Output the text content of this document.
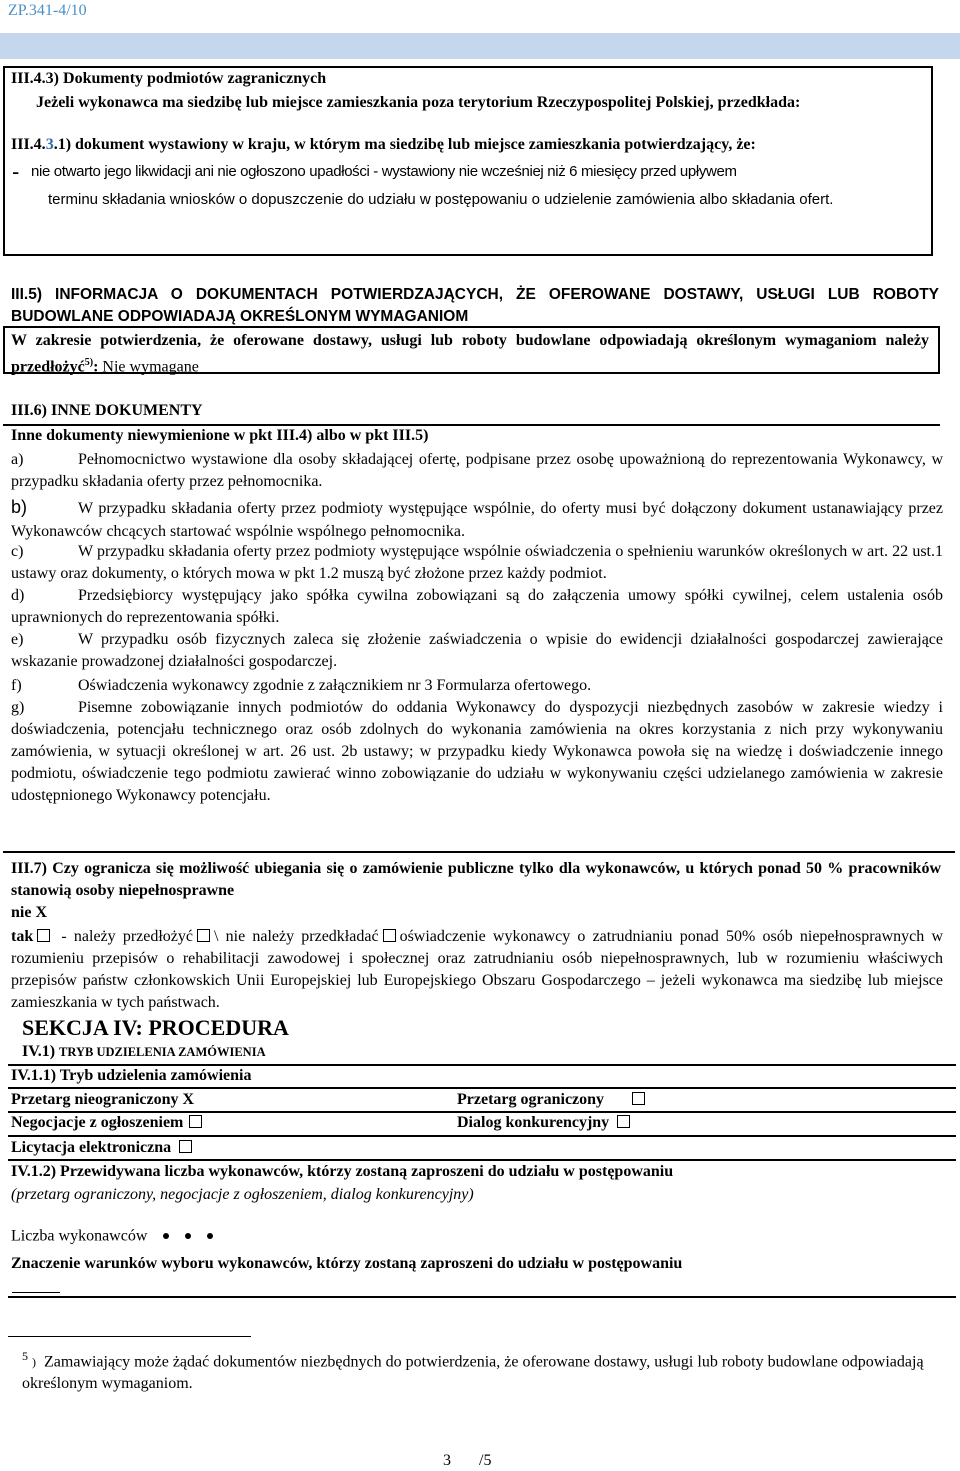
ZP.341-4/10
III.4.3) Dokumenty podmiotów zagranicznych
Jeżeli wykonawca ma siedzibę lub miejsce zamieszkania poza terytorium Rzeczypospolitej Polskiej, przedkłada:
III.4.3.1) dokument wystawiony w kraju, w którym ma siedzibę lub miejsce zamieszkania potwierdzający, że:
- nie otwarto jego likwidacji ani nie ogłoszono upadłości - wystawiony nie wcześniej niż 6 miesięcy przed upływem
terminu składania wniosków o dopuszczenie do udziału w postępowaniu o udzielenie zamówienia albo składania ofert.
III.5) INFORMACJA O DOKUMENTACH POTWIERDZAJĄCYCH, ŻE OFEROWANE DOSTAWY, USŁUGI LUB ROBOTY BUDOWLANE ODPOWIADAJĄ OKREŚLONYM WYMAGANIOM
W zakresie potwierdzenia, że oferowane dostawy, usługi lub roboty budowlane odpowiadają określonym wymaganiom należy przedłożyć$^{5)}$: Nie wymagane
III.6) INNE DOKUMENTY
Inne dokumenty niewymienione w pkt III.4) albo w pkt III.5)
a)	Pełnomocnictwo wystawione dla osoby składającej ofertę, podpisane przez osobę upoważnioną do reprezentowania Wykonawcy, w przypadku składania oferty przez pełnomocnika.
b)	W przypadku składania oferty przez podmioty występujące wspólnie, do oferty musi być dołączony dokument ustanawiający przez Wykonawców chcących startować wspólnie wspólnego pełnomocnika.
c)	W przypadku składania oferty przez podmioty występujące wspólnie oświadczenia o spełnieniu warunków określonych w art. 22 ust.1 ustawy oraz dokumenty, o których mowa w pkt 1.2 muszą być złożone przez każdy podmiot.
d)	Przedsiębiorcy występujący jako spółka cywilna zobowiązani są do załączenia umowy spółki cywilnej, celem ustalenia osób uprawnionych do reprezentowania spółki.
e)	W przypadku osób fizycznych zaleca się złożenie zaświadczenia o wpisie do ewidencji działalności gospodarczej zawierające wskazanie prowadzonej działalności gospodarczej.
f)	Oświadczenia wykonawcy zgodnie z załącznikiem nr 3 Formularza ofertowego.
g)	Pisemne zobowiązanie innych podmiotów do oddania Wykonawcy do dyspozycji niezbędnych zasobów w zakresie wiedzy i doświadczenia, potencjału technicznego oraz osób zdolnych do wykonania zamówienia na okres korzystania z nich przy wykonywaniu zamówienia, w sytuacji określonej w art. 26 ust. 2b ustawy; w przypadku kiedy Wykonawca powoła się na wiedzę i doświadczenie innego podmiotu, oświadczenie tego podmiotu zawierać winno zobowiązanie do udziału w wykonywaniu części udzielanego zamówienia w zakresie udostępnionego Wykonawcy potencjału.
III.7) Czy ogranicza się możliwość ubiegania się o zamówienie publiczne tylko dla wykonawców, u których ponad 50 % pracowników stanowią osoby niepełnosprawne
nie X
tak - należy przedłożyć \ nie należy przedkładać oświadczenie wykonawcy o zatrudnianiu ponad 50% osób niepełnosprawnych w rozumieniu przepisów o rehabilitacji zawodowej i społecznej oraz zatrudnianiu osób niepełnosprawnych, lub w rozumieniu właściwych przepisów państw członkowskich Unii Europejskiej lub Europejskiego Obszaru Gospodarczego – jeżeli wykonawca ma siedzibę lub miejsce zamieszkania w tych państwach.
SEKCJA IV: PROCEDURA
IV.1) TRYB UDZIELENIA ZAMÓWIENIA
IV.1.1) Tryb udzielenia zamówienia
Przetarg nieograniczony X	Przetarg ograniczony
Negocjacje z ogłoszeniem	Dialog konkurencyjny
Licytacja elektroniczna
IV.1.2) Przewidywana liczba wykonawców, którzy zostaną zaproszeni do udziału w postępowaniu
(przetarg ograniczony, negocjacje z ogłoszeniem, dialog konkurencyjny)
Liczba wykonawców
Znaczenie warunków wyboru wykonawców, którzy zostaną zaproszeni do udziału w postępowaniu
$^5$ ) Zamawiający może żądać dokumentów niezbędnych do potwierdzenia, że oferowane dostawy, usługi lub roboty budowlane odpowiadają określonym wymaganiom.
3 /5
